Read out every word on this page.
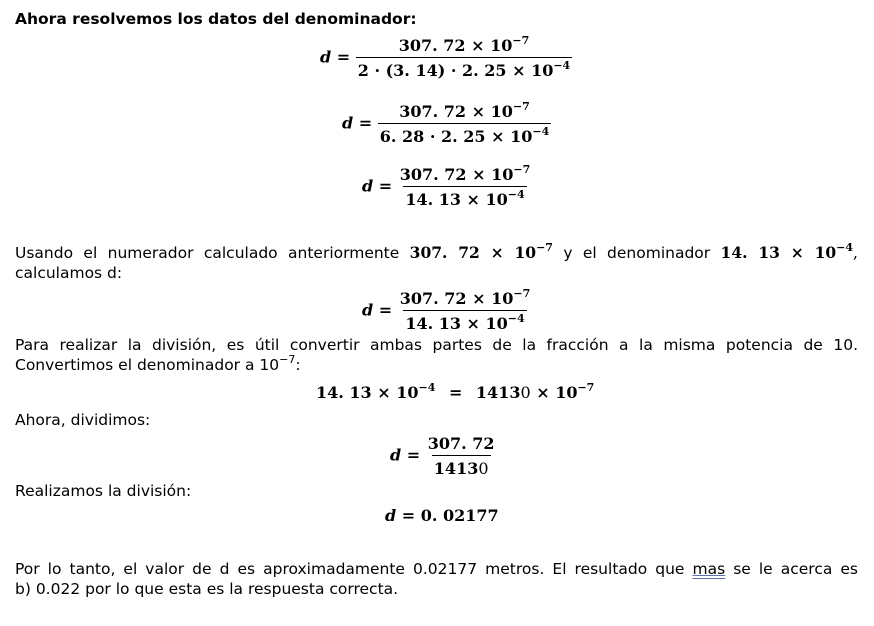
Ahora resolvemos los datos del denominador:
$d = \frac{307. 72 \times 10^{-7}}{2 \cdot (3. 14) \cdot 2. 25 \times 10^{-4}}$
$d = \frac{307. 72 \times 10^{-7}}{6. 28 \cdot 2. 25 \times 10^{-4}}$
$d = \frac{307. 72 \times 10^{-7}}{14. 13 \times 10^{-4}}$
Usando el numerador calculado anteriormente 307. $72 \times 10^{-7}$ y el denominador 14. $13 \times 10^{-4}$,
calculamos d:
$d = \frac{307. 72 \times 10^{-7}}{14. 13 \times 10^{-4}}$
Para realizar la división, es útil convertir ambas partes de la fracción a la misma potencia de 10.
Convertimos el denominador a $10^{-7}$:
14. $13 \times 10^{-4} = 14130 \times 10^{-7}$
Ahora, dividimos:
$d = \frac{307. 72}{14130}$
Realizamos la división:
d = 0. 02177
Por lo tanto, el valor de d es aproximadamente 0.02177 metros. El resultado que mas se le acerca es
b) 0.022 por lo que esta es la respuesta correcta.
